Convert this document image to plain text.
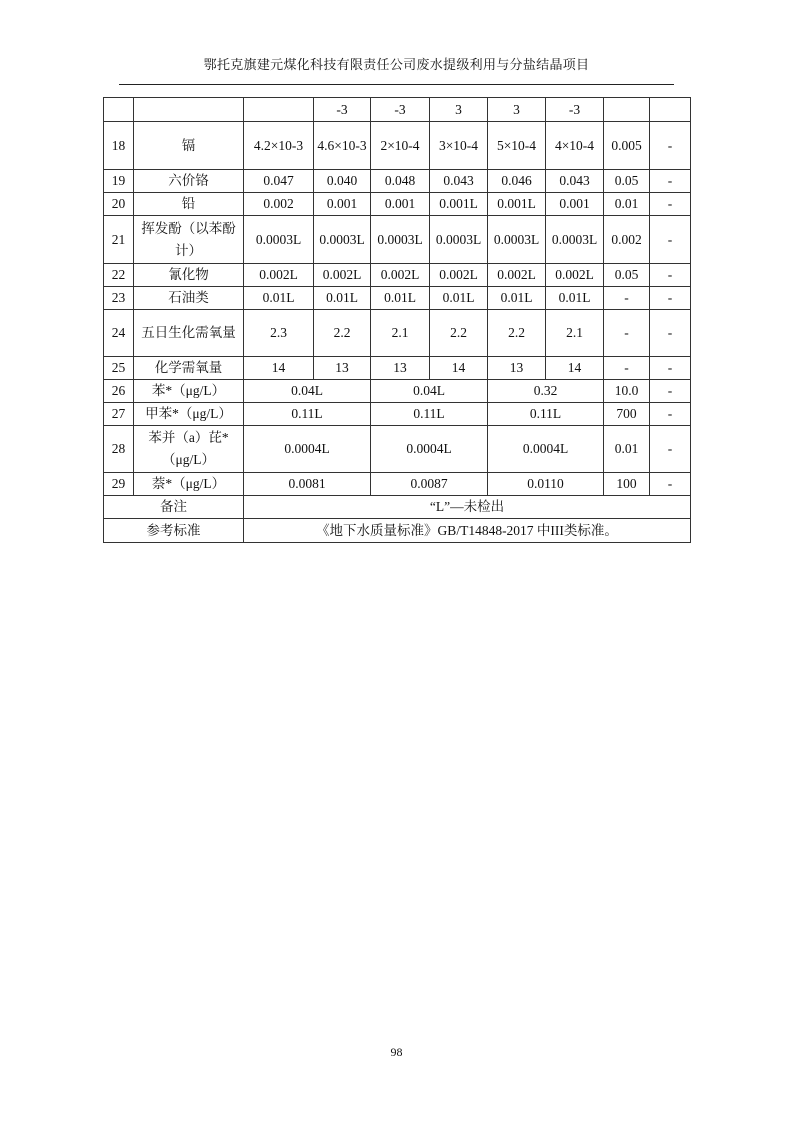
鄂托克旗建元煤化科技有限责任公司废水提级利用与分盐结晶项目
			-3	-3	3	3	-3		
18	镉	4.2×10-3	4.6×10-3	2×10-4	3×10-4	5×10-4	4×10-4	0.005	-
19	六价铬	0.047	0.040	0.048	0.043	0.046	0.043	0.05	-
20	铅	0.002	0.001	0.001	0.001L	0.001L	0.001	0.01	-
21	挥发酚（以苯酚计）	0.0003L	0.0003L	0.0003L	0.0003L	0.0003L	0.0003L	0.002	-
22	氰化物	0.002L	0.002L	0.002L	0.002L	0.002L	0.002L	0.05	-
23	石油类	0.01L	0.01L	0.01L	0.01L	0.01L	0.01L	-	-
24	五日生化需氧量	2.3	2.2	2.1	2.2	2.2	2.1	-	-
25	化学需氧量	14	13	13	14	13	14	-	-
26	苯*（μg/L）	0.04L		0.04L		0.32		10.0	-
27	甲苯*（μg/L）	0.11L		0.11L		0.11L		700	-
28	苯并（a）芘*（μg/L）	0.0004L		0.0004L		0.0004L		0.01	-
29	萘*（μg/L）	0.0081		0.0087		0.0110		100	-
备注		“L”—未检出							
参考标准		《地下水质量标准》GB/T14848-2017 中III类标准。							
98
